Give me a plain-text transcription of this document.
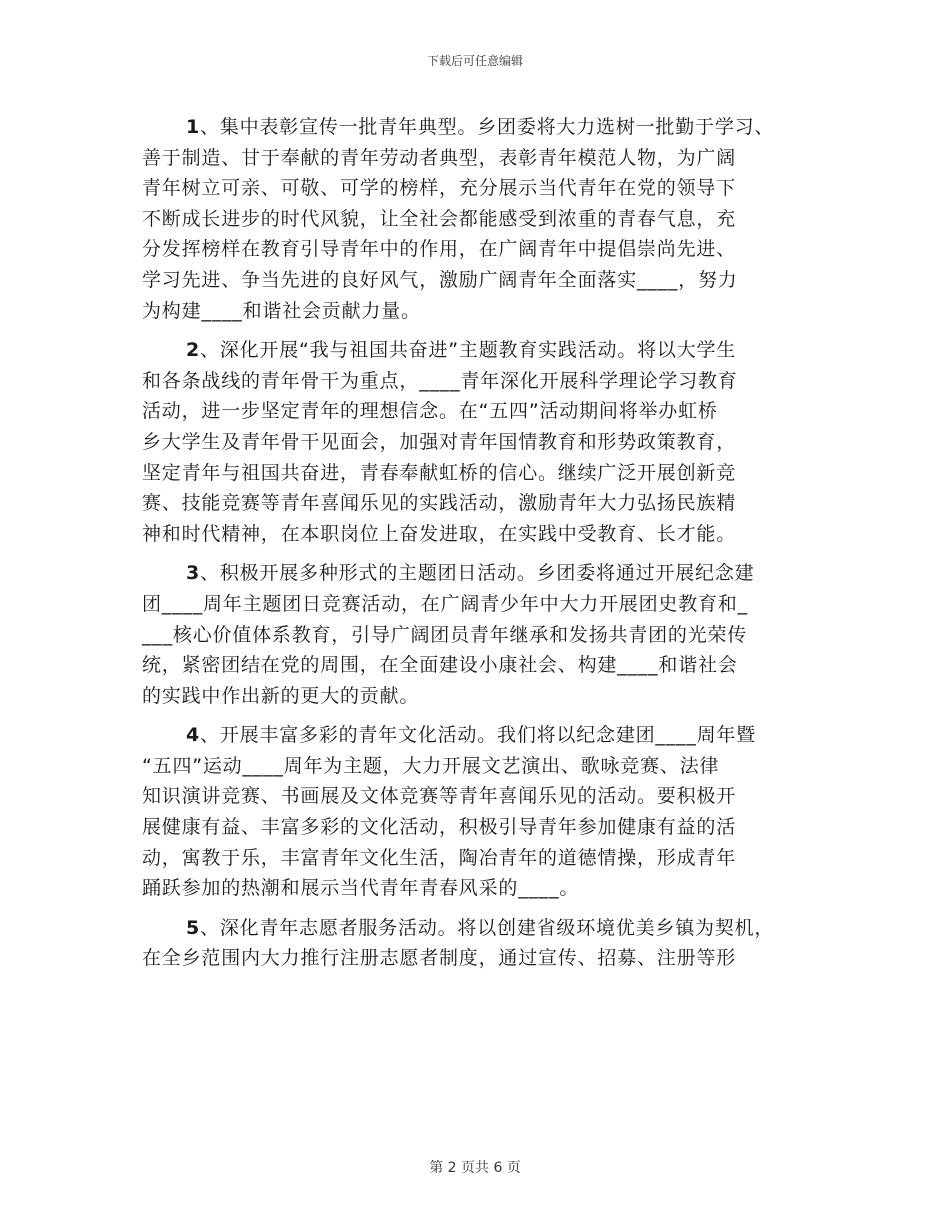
下载后可任意编辑
1、集中表彰宣传一批青年典型。乡团委将大力选树一批勤于学习、
善于制造、甘于奉献的青年劳动者典型，表彰青年模范人物，为广阔
青年树立可亲、可敬、可学的榜样，充分展示当代青年在党的领导下
不断成长进步的时代风貌，让全社会都能感受到浓重的青春气息，充
分发挥榜样在教育引导青年中的作用，在广阔青年中提倡崇尚先进、
学习先进、争当先进的良好风气，激励广阔青年全面落实____，努力
为构建____和谐社会贡献力量。
2、深化开展“我与祖国共奋进”主题教育实践活动。将以大学生
和各条战线的青年骨干为重点，____青年深化开展科学理论学习教育
活动，进一步坚定青年的理想信念。在“五四”活动期间将举办虹桥
乡大学生及青年骨干见面会，加强对青年国情教育和形势政策教育，
坚定青年与祖国共奋进，青春奉献虹桥的信心。继续广泛开展创新竞
赛、技能竞赛等青年喜闻乐见的实践活动，激励青年大力弘扬民族精
神和时代精神，在本职岗位上奋发进取，在实践中受教育、长才能。
3、积极开展多种形式的主题团日活动。乡团委将通过开展纪念建
团____周年主题团日竞赛活动，在广阔青少年中大力开展团史教育和_
___核心价值体系教育，引导广阔团员青年继承和发扬共青团的光荣传
统，紧密团结在党的周围，在全面建设小康社会、构建____和谐社会
的实践中作出新的更大的贡献。
4、开展丰富多彩的青年文化活动。我们将以纪念建团____周年暨
“五四”运动____周年为主题，大力开展文艺演出、歌咏竞赛、法律
知识演讲竞赛、书画展及文体竞赛等青年喜闻乐见的活动。要积极开
展健康有益、丰富多彩的文化活动，积极引导青年参加健康有益的活
动，寓教于乐，丰富青年文化生活，陶冶青年的道德情操，形成青年
踊跃参加的热潮和展示当代青年青春风采的____。
5、深化青年志愿者服务活动。将以创建省级环境优美乡镇为契机，
在全乡范围内大力推行注册志愿者制度，通过宣传、招募、注册等形
第 2 页共 6 页
